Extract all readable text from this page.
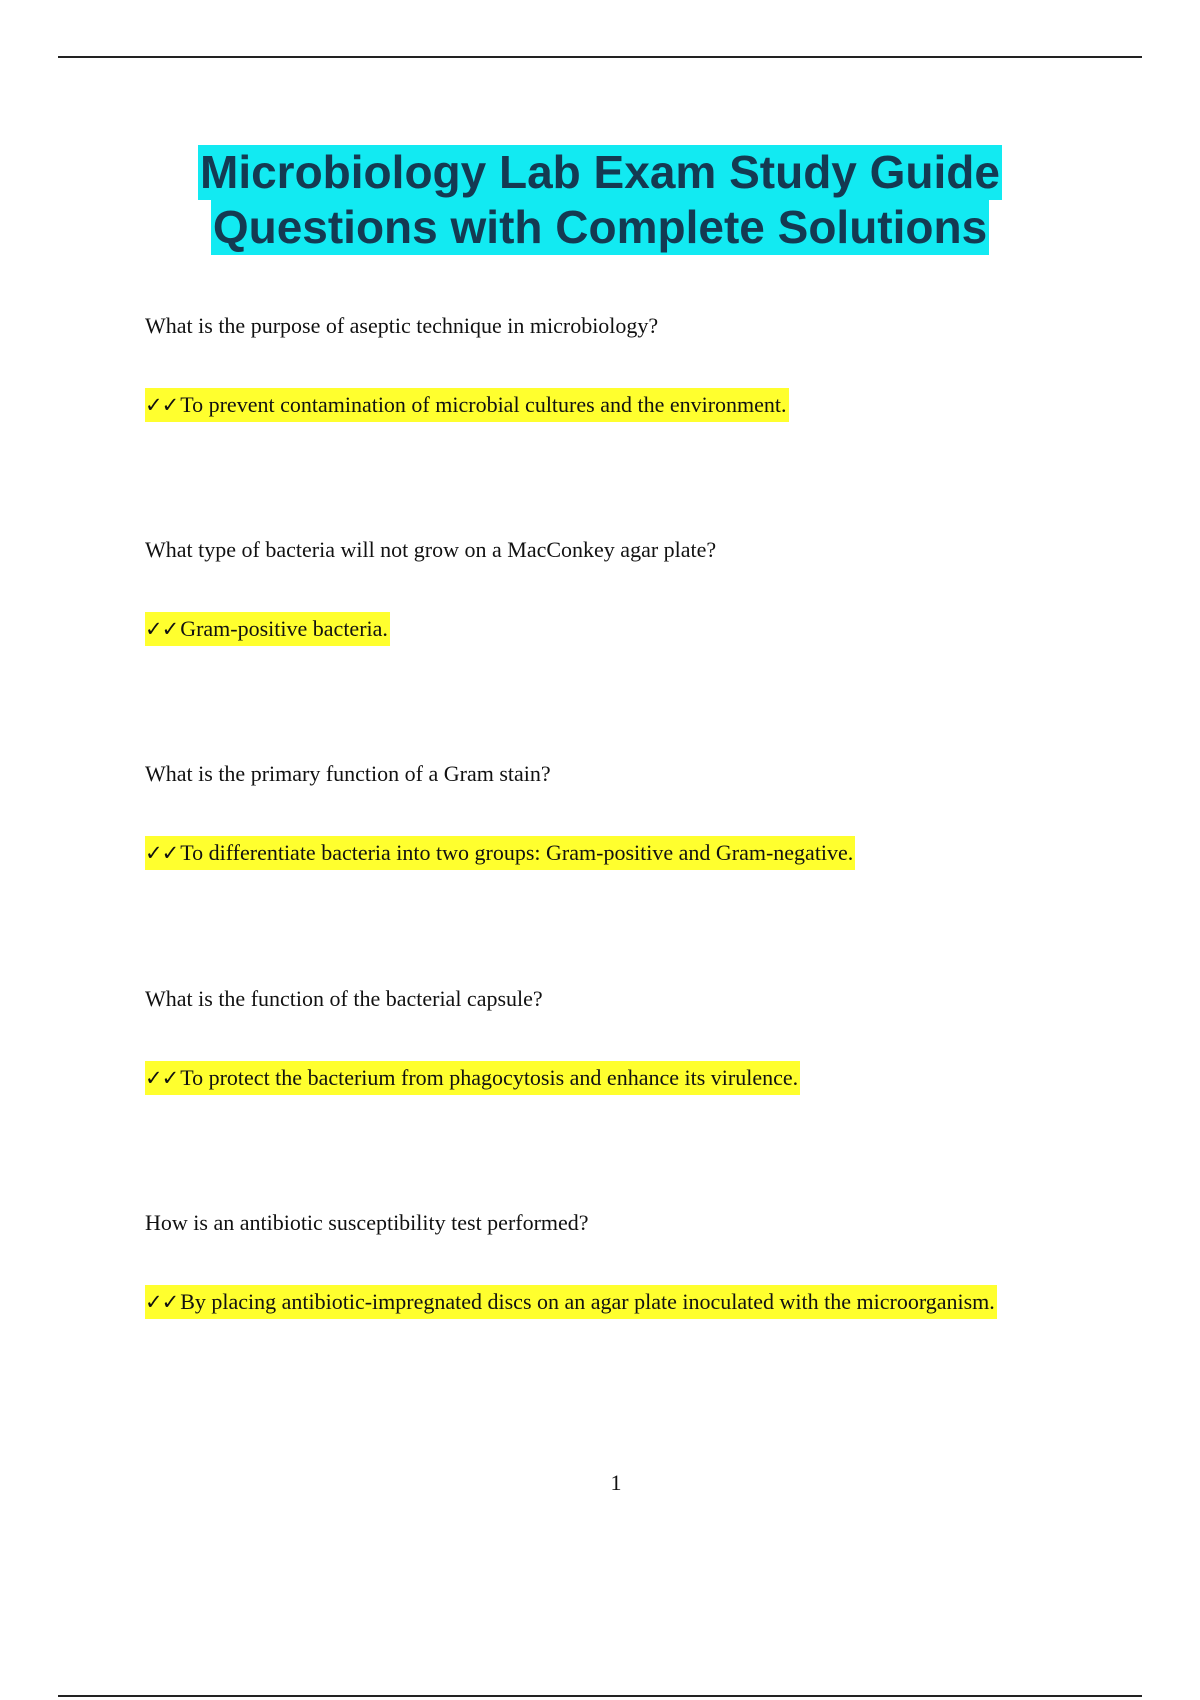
Microbiology Lab Exam Study Guide
Questions with Complete Solutions
What is the purpose of aseptic technique in microbiology?
✓✓To prevent contamination of microbial cultures and the environment.
What type of bacteria will not grow on a MacConkey agar plate?
✓✓Gram-positive bacteria.
What is the primary function of a Gram stain?
✓✓To differentiate bacteria into two groups: Gram-positive and Gram-negative.
What is the function of the bacterial capsule?
✓✓To protect the bacterium from phagocytosis and enhance its virulence.
How is an antibiotic susceptibility test performed?
✓✓By placing antibiotic-impregnated discs on an agar plate inoculated with the microorganism.
1
